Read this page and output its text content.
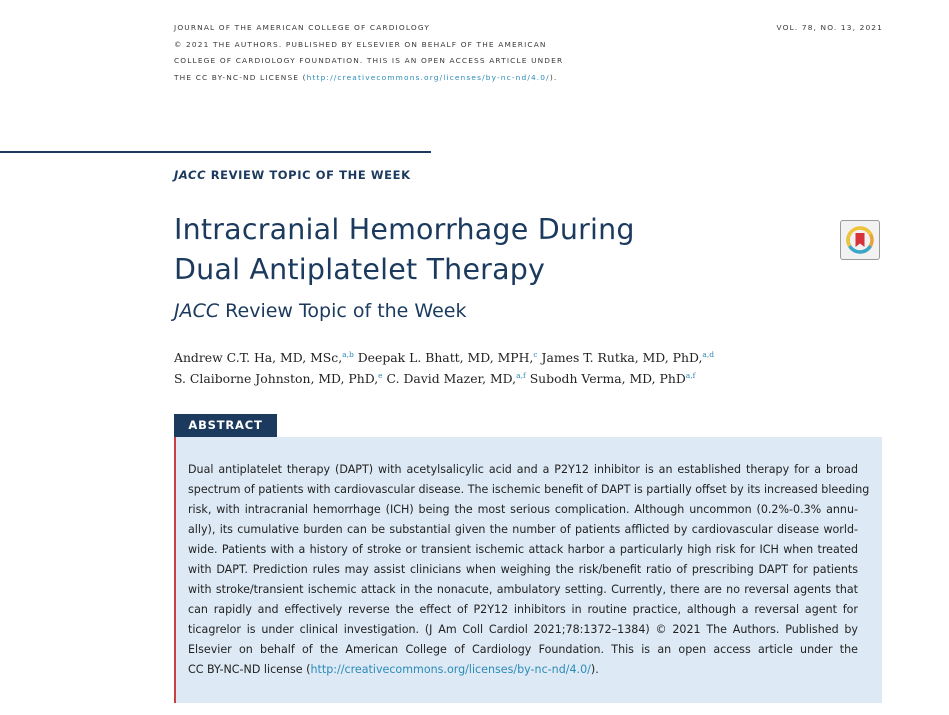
JOURNAL OF THE AMERICAN COLLEGE OF CARDIOLOGY
© 2021 THE AUTHORS. PUBLISHED BY ELSEVIER ON BEHALF OF THE AMERICAN
COLLEGE OF CARDIOLOGY FOUNDATION. THIS IS AN OPEN ACCESS ARTICLE UNDER
THE CC BY-NC-ND LICENSE (http://creativecommons.org/licenses/by-nc-nd/4.0/).
VOL. 78, NO. 13, 2021
JACC REVIEW TOPIC OF THE WEEK
Intracranial Hemorrhage During
Dual Antiplatelet Therapy
JACC Review Topic of the Week
Andrew C.T. Ha, MD, MSc,$^{a,b}$ Deepak L. Bhatt, MD, MPH,$^c$ James T. Rutka, MD, PhD,$^{a,d}$
S. Claiborne Johnston, MD, PhD,$^e$ C. David Mazer, MD,$^{a,f}$ Subodh Verma, MD, PhD$^{a,f}$
ABSTRACT
Dual antiplatelet therapy (DAPT) with acetylsalicylic acid and a P2Y12 inhibitor is an established therapy for a broad
spectrum of patients with cardiovascular disease. The ischemic benefit of DAPT is partially offset by its increased bleeding
risk, with intracranial hemorrhage (ICH) being the most serious complication. Although uncommon (0.2%-0.3% annu-
ally), its cumulative burden can be substantial given the number of patients afflicted by cardiovascular disease world-
wide. Patients with a history of stroke or transient ischemic attack harbor a particularly high risk for ICH when treated
with DAPT. Prediction rules may assist clinicians when weighing the risk/benefit ratio of prescribing DAPT for patients
with stroke/transient ischemic attack in the nonacute, ambulatory setting. Currently, there are no reversal agents that
can rapidly and effectively reverse the effect of P2Y12 inhibitors in routine practice, although a reversal agent for
ticagrelor is under clinical investigation. (J Am Coll Cardiol 2021;78:1372–1384) © 2021 The Authors. Published by
Elsevier on behalf of the American College of Cardiology Foundation. This is an open access article under the
CC BY-NC-ND license (http://creativecommons.org/licenses/by-nc-nd/4.0/).
